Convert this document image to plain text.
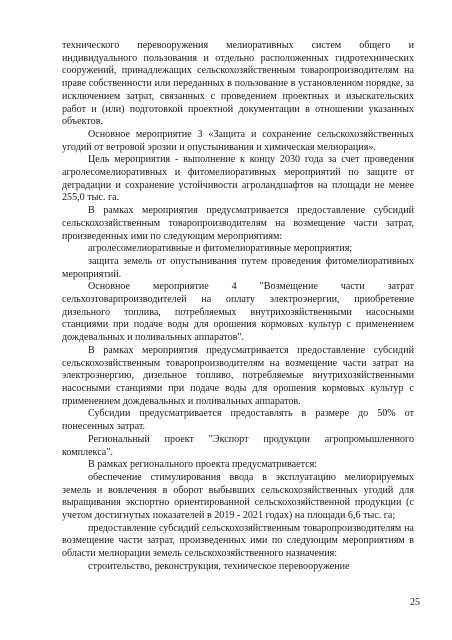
технического перевооружения мелиоративных систем общего и индивидуального пользования и отдельно расположенных гидротехнических сооружений, принадлежащих сельскохозяйственным товаропроизводителям на праве собственности или переданных в пользование в установленном порядке, за исключением затрат, связанных с проведением проектных и изыскательских работ и (или) подготовкой проектной документации в отношении указанных объектов.

Основное мероприятие 3 «Защита и сохранение сельскохозяйственных угодий от ветровой эрозии и опустынивания и химическая мелиорация».

Цель мероприятия - выполнение к концу 2030 года за счет проведения агролесомелиоративных и фитомелиоративных мероприятий по защите от деградации и сохранение устойчивости агроландшафтов на площади не менее 255,0 тыс. га.

В рамках мероприятия предусматривается предоставление субсидий сельскохозяйственным товаропроизводителям на возмещение части затрат, произведенных ими по следующим мероприятиям:

агролесомелиоративные и фитомелиоративные мероприятия;

защита земель от опустынивания путем проведения фитомелиоративных мероприятий.

Основное мероприятие 4 "Возмещение части затрат сельхозтоварпроизводителей на оплату электроэнергии, приобретение дизельного топлива, потребляемых внутрихозяйственными насосными станциями при подаче воды для орошения кормовых культур с применением дождевальных и поливальных аппаратов".

В рамках мероприятия предусматривается предоставление субсидий сельскохозяйственным товаропроизводителям на возмещение части затрат на электроэнергию, дизельное топливо, потребляемые внутрихозяйственными насосными станциями при подаче воды для орошения кормовых культур с применением дождевальных и поливальных аппаратов.

Субсидии предусматривается предоставлять в размере до 50% от понесенных затрат.

Региональный проект "Экспорт продукции агропромышленного комплекса".

В рамках регионального проекта предусматривается:

обеспечение стимулирования ввода в эксплуатацию мелиорируемых земель и вовлечения в оборот выбывших сельскохозяйственных угодий для выращивания экспортно ориентированной сельскохозяйственной продукции (с учетом достигнутых показателей в 2019 - 2021 годах) на площади 6,6 тыс. га;

предоставление субсидий сельскохозяйственным товаропроизводителям на возмещение части затрат, произведенных ими по следующим мероприятиям в области мелиорации земель сельскохозяйственного назначения:

строительство, реконструкция, техническое перевооружение

25
